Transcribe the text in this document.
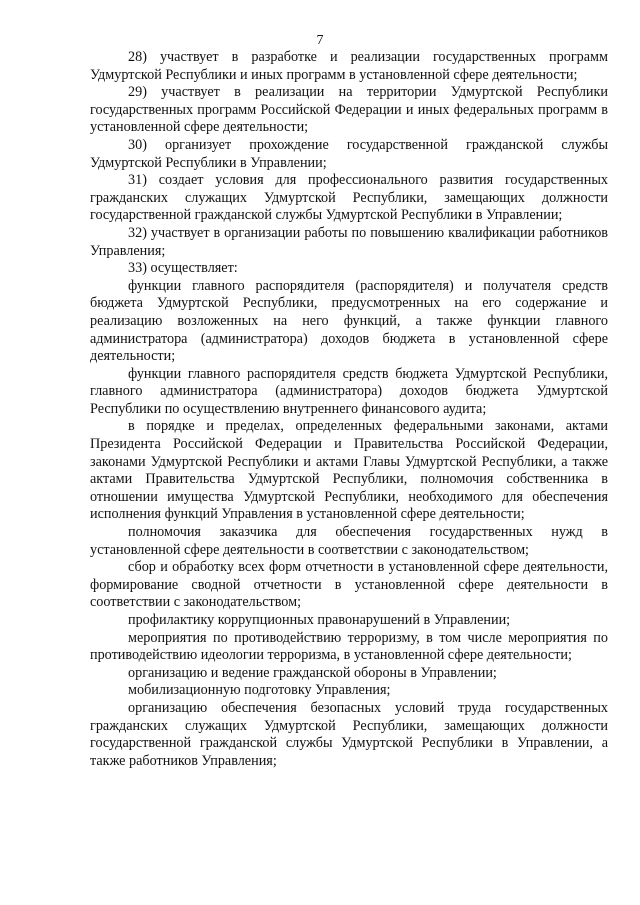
7

28) участвует в разработке и реализации государственных программ Удмуртской Республики и иных программ в установленной сфере деятельности;

29) участвует в реализации на территории Удмуртской Республики государственных программ Российской Федерации и иных федеральных программ в установленной сфере деятельности;

30) организует прохождение государственной гражданской службы Удмуртской Республики в Управлении;

31) создает условия для профессионального развития государственных гражданских служащих Удмуртской Республики, замещающих должности государственной гражданской службы Удмуртской Республики в Управлении;

32) участвует в организации работы по повышению квалификации работников Управления;

33) осуществляет:

функции главного распорядителя (распорядителя) и получателя средств бюджета Удмуртской Республики, предусмотренных на его содержание и реализацию возложенных на него функций, а также функции главного администратора (администратора) доходов бюджета в установленной сфере деятельности;

функции главного распорядителя средств бюджета Удмуртской Республики, главного администратора (администратора) доходов бюджета Удмуртской Республики по осуществлению внутреннего финансового аудита;

в порядке и пределах, определенных федеральными законами, актами Президента Российской Федерации и Правительства Российской Федерации, законами Удмуртской Республики и актами Главы Удмуртской Республики, а также актами Правительства Удмуртской Республики, полномочия собственника в отношении имущества Удмуртской Республики, необходимого для обеспечения исполнения функций Управления в установленной сфере деятельности;

полномочия заказчика для обеспечения государственных нужд в установленной сфере деятельности в соответствии с законодательством;

сбор и обработку всех форм отчетности в установленной сфере деятельности, формирование сводной отчетности в установленной сфере деятельности в соответствии с законодательством;

профилактику коррупционных правонарушений в Управлении;

мероприятия по противодействию терроризму, в том числе мероприятия по противодействию идеологии терроризма, в установленной сфере деятельности;

организацию и ведение гражданской обороны в Управлении;

мобилизационную подготовку Управления;

организацию обеспечения безопасных условий труда государственных гражданских служащих Удмуртской Республики, замещающих должности государственной гражданской службы Удмуртской Республики в Управлении, а также работников Управления;
